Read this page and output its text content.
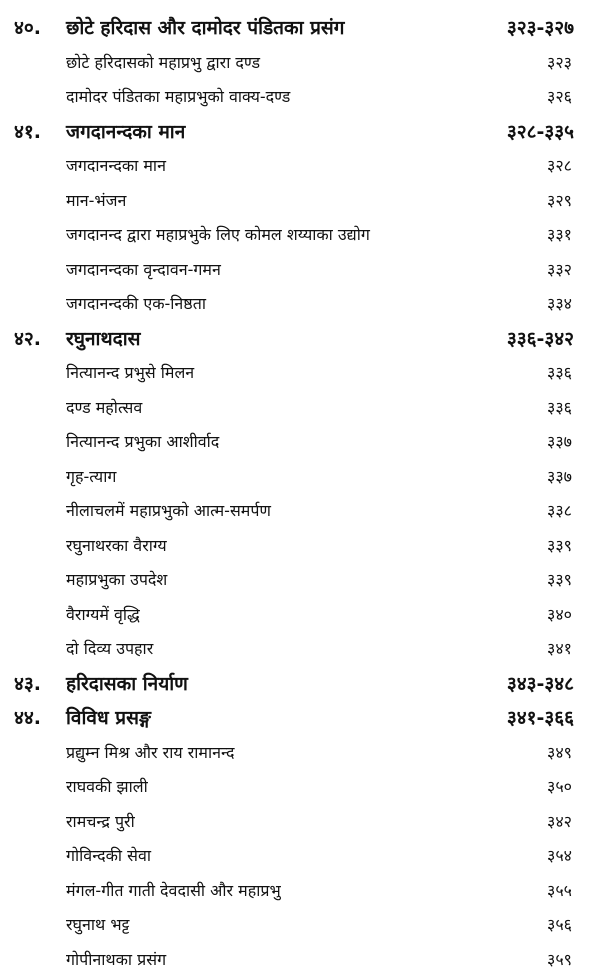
४०. छोटे हरिदास और दामोदर पंडितका प्रसंग	३२३-३२७
छोटे हरिदासको महाप्रभु द्वारा दण्ड	३२३
दामोदर पंडितका महाप्रभुको वाक्य-दण्ड	३२६
४१. जगदानन्दका मान	३२८-३३५
जगदानन्दका मान	३२८
मान-भंजन	३२९
जगदानन्द द्वारा महाप्रभुके लिए कोमल शय्याका उद्योग	३३१
जगदानन्दका वृन्दावन-गमन	३३२
जगदानन्दकी एक-निष्ठता	३३४
४२. रघुनाथदास	३३६-३४२
नित्यानन्द प्रभुसे मिलन	३३६
दण्ड महोत्सव	३३६
नित्यानन्द प्रभुका आशीर्वाद	३३७
गृह-त्याग	३३७
नीलाचलमें महाप्रभुको आत्म-समर्पण	३३८
रघुनाथरका वैराग्य	३३९
महाप्रभुका उपदेश	३३९
वैराग्यमें वृद्धि	३४०
दो दिव्य उपहार	३४१
४३. हरिदासका निर्याण	३४३-३४८
४४. विविध प्रसङ्ग	३४१-३६६
प्रद्युम्न मिश्र और राय रामानन्द	३४९
राघवकी झाली	३५०
रामचन्द्र पुरी	३४२
गोविन्दकी सेवा	३५४
मंगल-गीत गाती देवदासी और महाप्रभु	३५५
रघुनाथ भट्ट	३५६
गोपीनाथका प्रसंग	३५९
